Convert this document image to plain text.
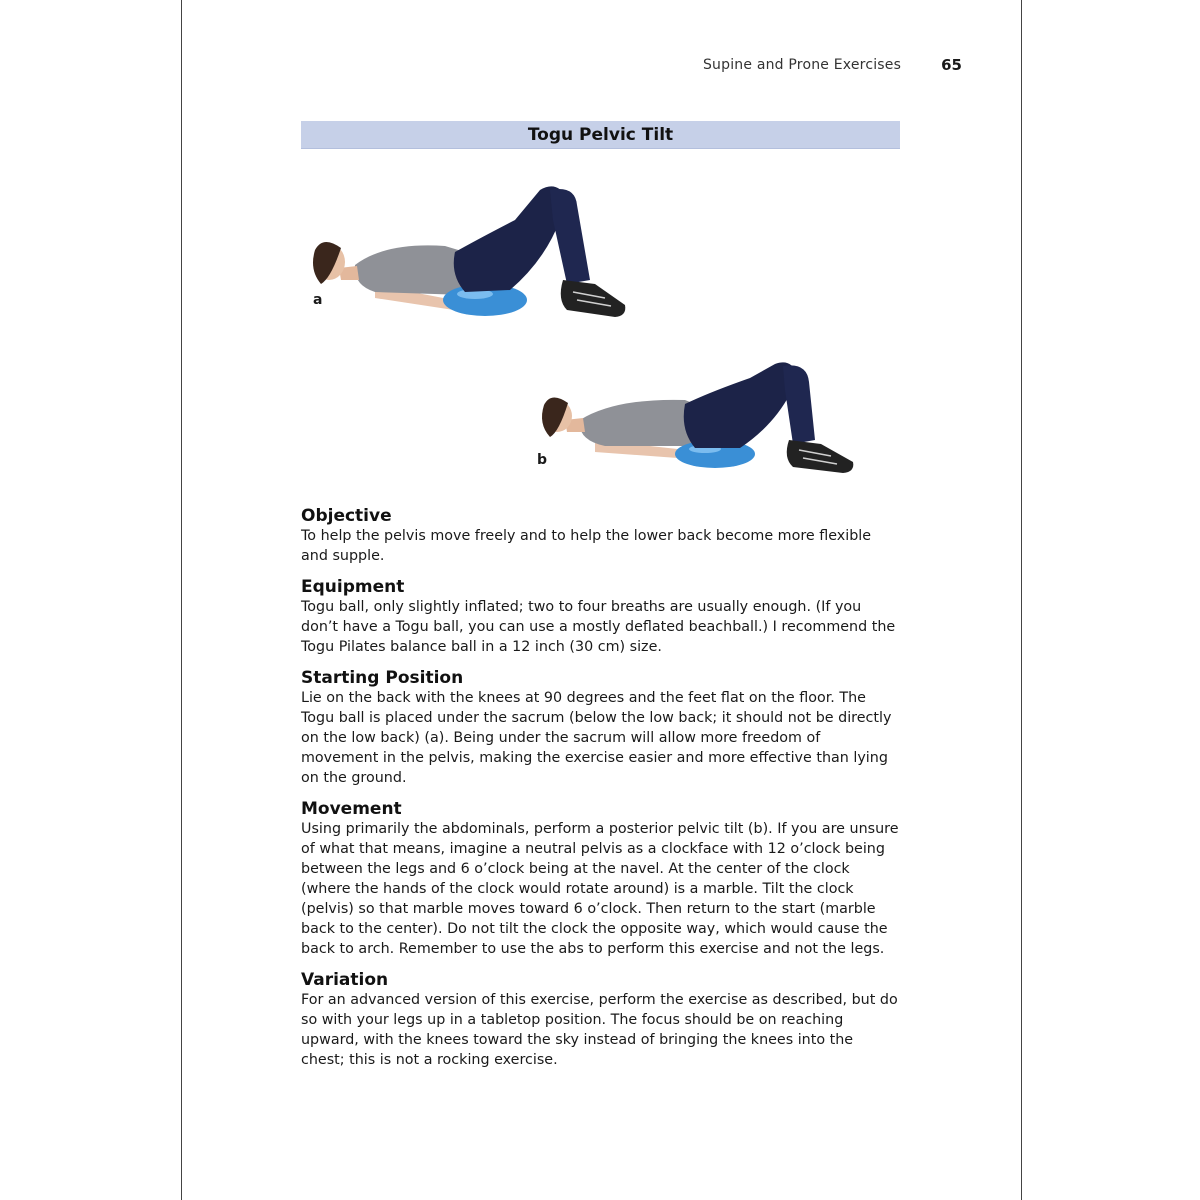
Supine and Prone Exercises	65
Togu Pelvic Tilt
a
b
Objective

To help the pelvis move freely and to help the lower back become more flexible and supple.

Equipment

Togu ball, only slightly inflated; two to four breaths are usually enough. (If you don’t have a Togu ball, you can use a mostly deflated beachball.) I recommend the Togu Pilates balance ball in a 12 inch (30 cm) size.

Starting Position

Lie on the back with the knees at 90 degrees and the feet flat on the floor. The Togu ball is placed under the sacrum (below the low back; it should not be directly on the low back) (a). Being under the sacrum will allow more freedom of movement in the pelvis, making the exercise easier and more effective than lying on the ground.

Movement

Using primarily the abdominals, perform a posterior pelvic tilt (b). If you are unsure of what that means, imagine a neutral pelvis as a clockface with 12 o’clock being between the legs and 6 o’clock being at the navel. At the center of the clock (where the hands of the clock would rotate around) is a marble. Tilt the clock (pelvis) so that marble moves toward 6 o’clock. Then return to the start (marble back to the center). Do not tilt the clock the opposite way, which would cause the back to arch. Remember to use the abs to perform this exercise and not the legs.

Variation

For an advanced version of this exercise, perform the exercise as described, but do so with your legs up in a tabletop position. The focus should be on reaching upward, with the knees toward the sky instead of bringing the knees into the chest; this is not a rocking exercise.
